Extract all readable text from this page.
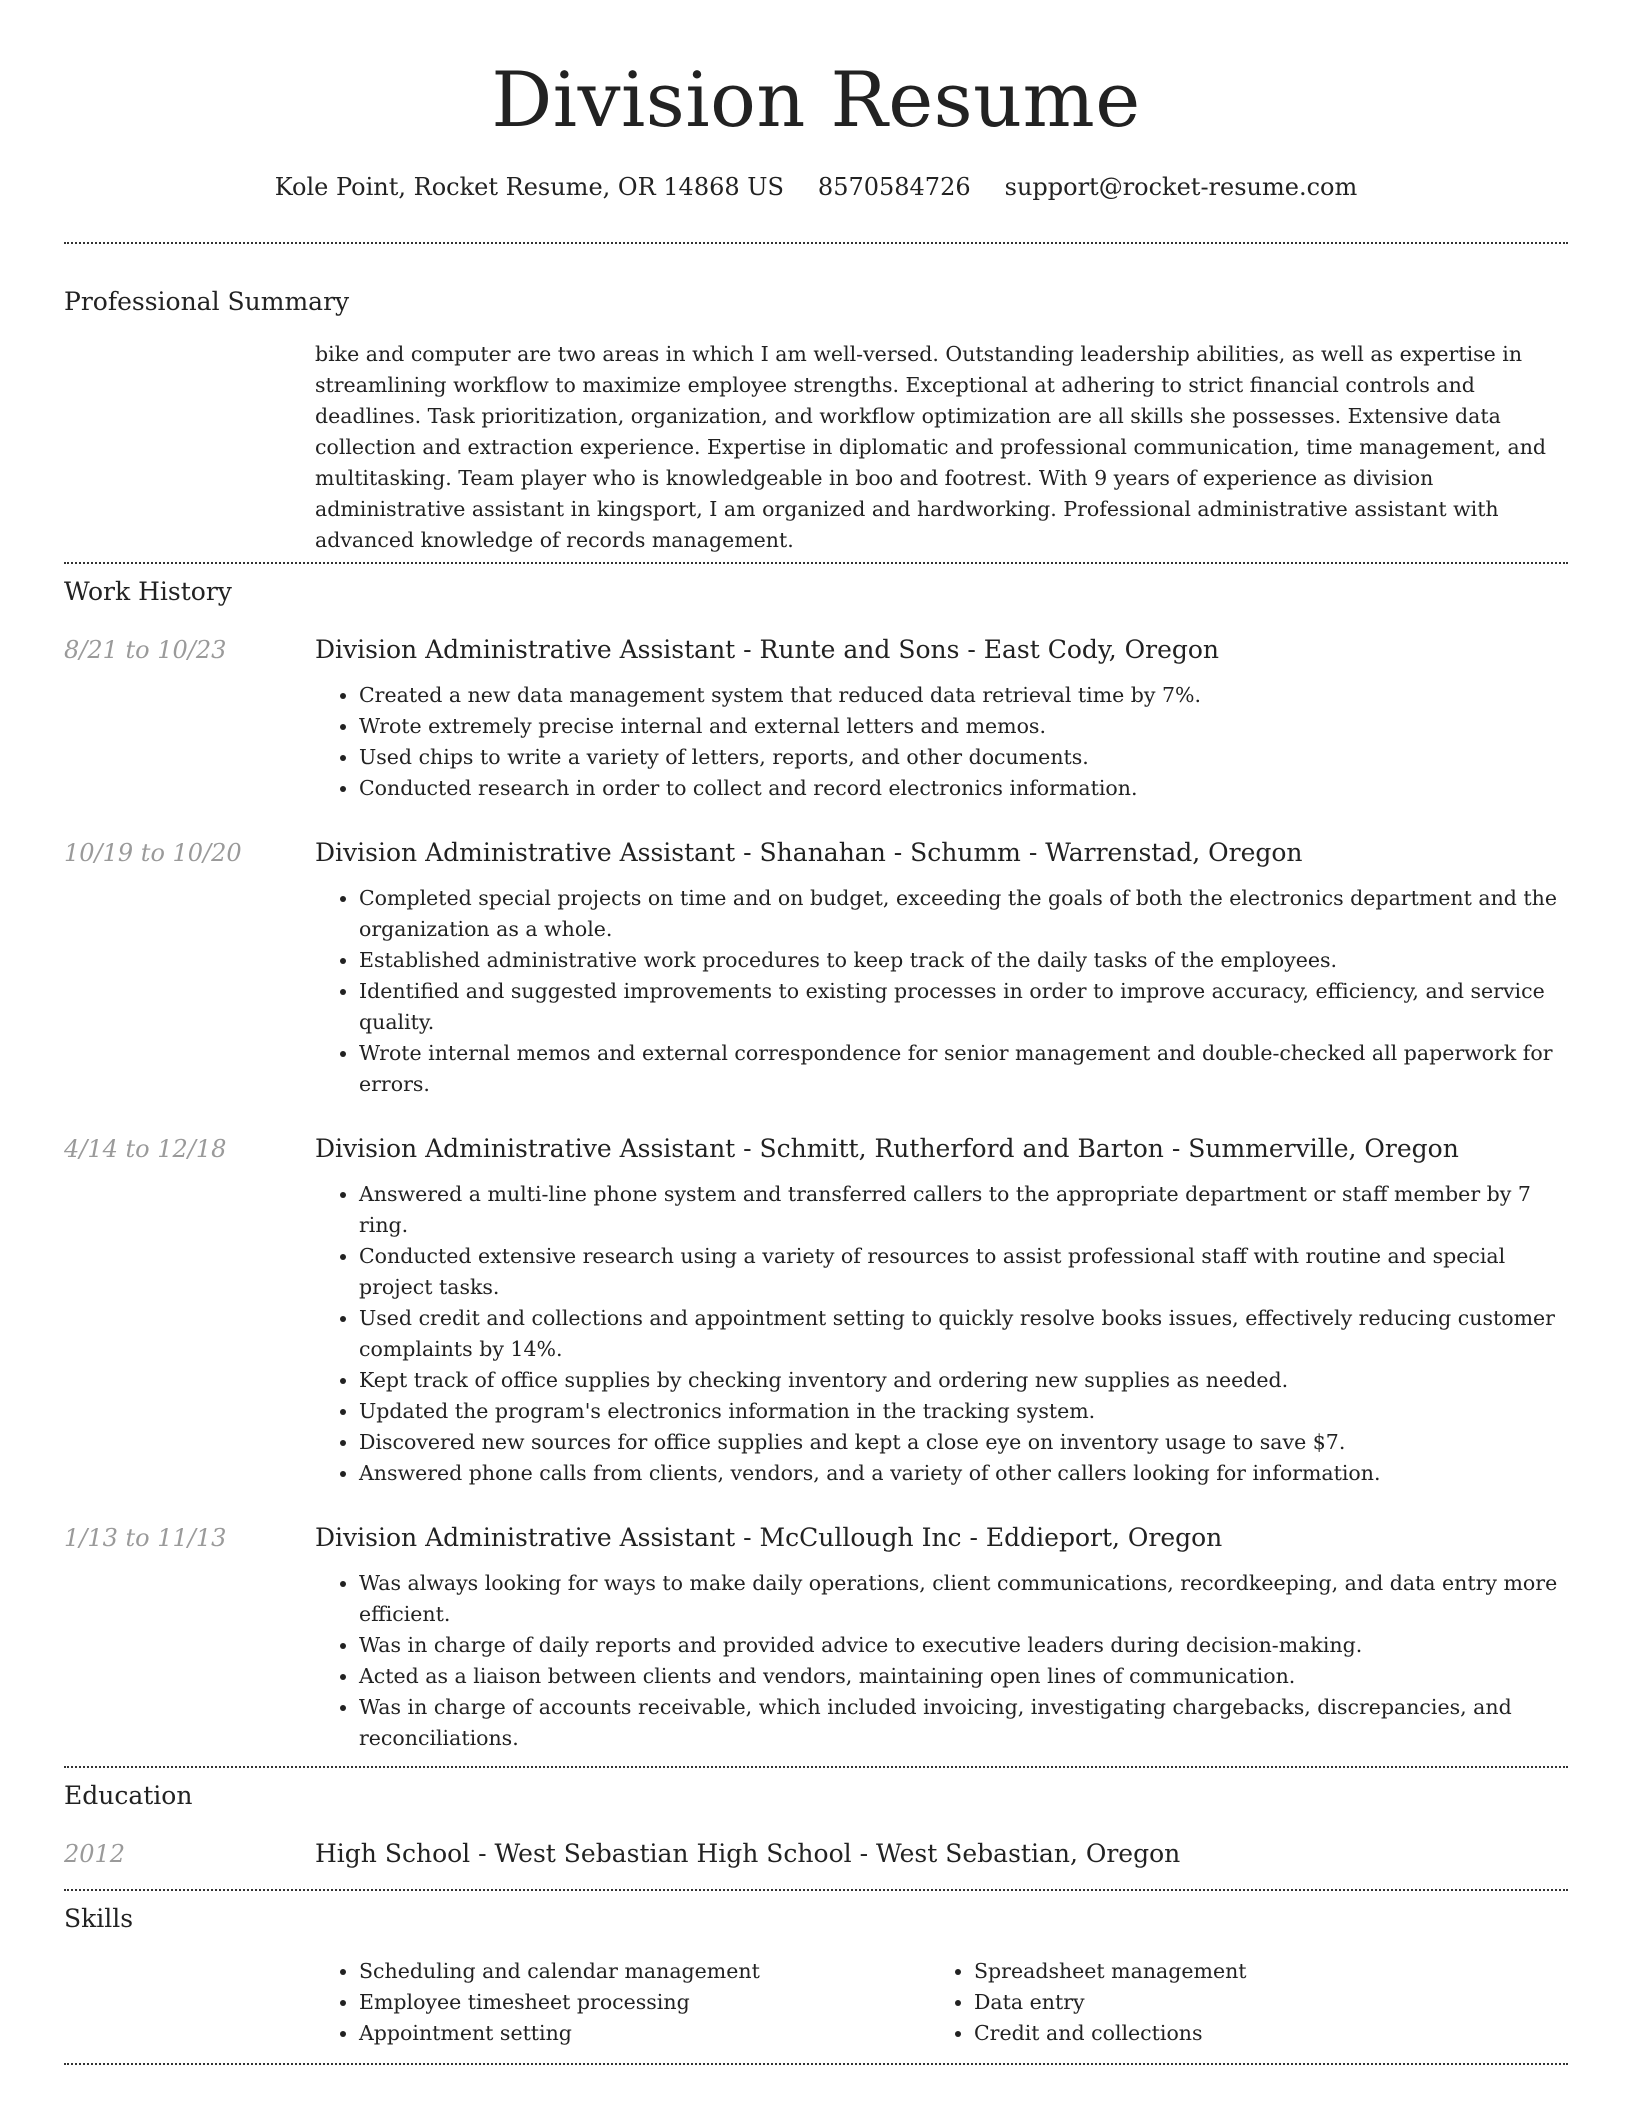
Division Resume
Kole Point, Rocket Resume, OR 14868 US 8570584726 support@rocket-resume.com
Professional Summary
bike and computer are two areas in which I am well-versed. Outstanding leadership abilities, as well as expertise in streamlining workflow to maximize employee strengths. Exceptional at adhering to strict financial controls and deadlines. Task prioritization, organization, and workflow optimization are all skills she possesses. Extensive data collection and extraction experience. Expertise in diplomatic and professional communication, time management, and multitasking. Team player who is knowledgeable in boo and footrest. With 9 years of experience as division administrative assistant in kingsport, I am organized and hardworking. Professional administrative assistant with advanced knowledge of records management.
Work History
8/21 to 10/23	Division Administrative Assistant - Runte and Sons - East Cody, Oregon
• Created a new data management system that reduced data retrieval time by 7%.
• Wrote extremely precise internal and external letters and memos.
• Used chips to write a variety of letters, reports, and other documents.
• Conducted research in order to collect and record electronics information.
10/19 to 10/20	Division Administrative Assistant - Shanahan - Schumm - Warrenstad, Oregon
• Completed special projects on time and on budget, exceeding the goals of both the electronics department and the organization as a whole.
• Established administrative work procedures to keep track of the daily tasks of the employees.
• Identified and suggested improvements to existing processes in order to improve accuracy, efficiency, and service quality.
• Wrote internal memos and external correspondence for senior management and double-checked all paperwork for errors.
4/14 to 12/18	Division Administrative Assistant - Schmitt, Rutherford and Barton - Summerville, Oregon
• Answered a multi-line phone system and transferred callers to the appropriate department or staff member by 7 ring.
• Conducted extensive research using a variety of resources to assist professional staff with routine and special project tasks.
• Used credit and collections and appointment setting to quickly resolve books issues, effectively reducing customer complaints by 14%.
• Kept track of office supplies by checking inventory and ordering new supplies as needed.
• Updated the program's electronics information in the tracking system.
• Discovered new sources for office supplies and kept a close eye on inventory usage to save $7.
• Answered phone calls from clients, vendors, and a variety of other callers looking for information.
1/13 to 11/13	Division Administrative Assistant - McCullough Inc - Eddieport, Oregon
• Was always looking for ways to make daily operations, client communications, recordkeeping, and data entry more efficient.
• Was in charge of daily reports and provided advice to executive leaders during decision-making.
• Acted as a liaison between clients and vendors, maintaining open lines of communication.
• Was in charge of accounts receivable, which included invoicing, investigating chargebacks, discrepancies, and reconciliations.
Education
2012	High School - West Sebastian High School - West Sebastian, Oregon
Skills
• Scheduling and calendar management
• Employee timesheet processing
• Appointment setting
• Spreadsheet management
• Data entry
• Credit and collections
